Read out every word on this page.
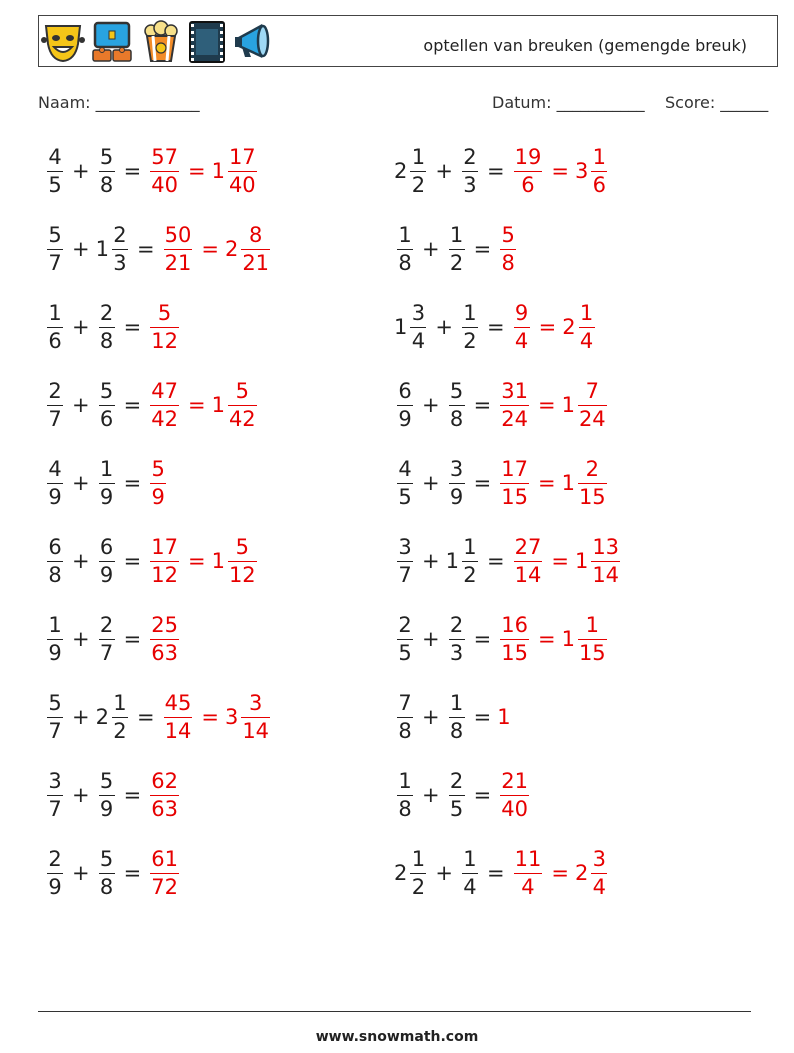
optellen van breuken (gemengde breuk)
Naam: _____________	Datum: ___________ Score: ______
$\frac{4}{5} + \frac{5}{8} = \frac{57}{40} = 1 \frac{17}{40}$
$\frac{5}{7} + 1 \frac{2}{3} = \frac{50}{21} = 2 \frac{8}{21}$
$\frac{1}{6} + \frac{2}{8} = \frac{5}{12}$
$\frac{2}{7} + \frac{5}{6} = \frac{47}{42} = 1 \frac{5}{42}$
$\frac{4}{9} + \frac{1}{9} = \frac{5}{9}$
$\frac{6}{8} + \frac{6}{9} = \frac{17}{12} = 1 \frac{5}{12}$
$\frac{1}{9} + \frac{2}{7} = \frac{25}{63}$
$\frac{5}{7} + 2 \frac{1}{2} = \frac{45}{14} = 3 \frac{3}{14}$
$\frac{3}{7} + \frac{5}{9} = \frac{62}{63}$
$\frac{2}{9} + \frac{5}{8} = \frac{61}{72}$
$2 \frac{1}{2} + \frac{2}{3} = \frac{19}{6} = 3 \frac{1}{6}$
$\frac{1}{8} + \frac{1}{2} = \frac{5}{8}$
$1 \frac{3}{4} + \frac{1}{2} = \frac{9}{4} = 2 \frac{1}{4}$
$\frac{6}{9} + \frac{5}{8} = \frac{31}{24} = 1 \frac{7}{24}$
$\frac{4}{5} + \frac{3}{9} = \frac{17}{15} = 1 \frac{2}{15}$
$\frac{3}{7} + 1 \frac{1}{2} = \frac{27}{14} = 1 \frac{13}{14}$
$\frac{2}{5} + \frac{2}{3} = \frac{16}{15} = 1 \frac{1}{15}$
$\frac{7}{8} + \frac{1}{8} = 1$
$\frac{1}{8} + \frac{2}{5} = \frac{21}{40}$
$2 \frac{1}{2} + \frac{1}{4} = \frac{11}{4} = 2 \frac{3}{4}$
www.snowmath.com
